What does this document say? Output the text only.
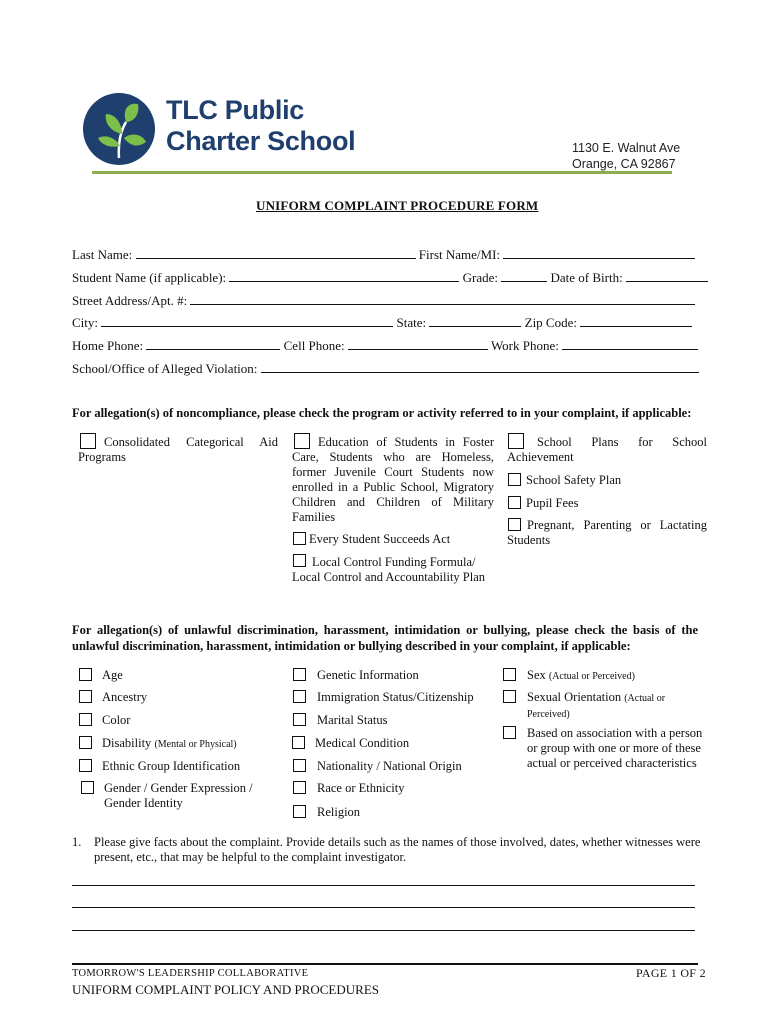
TLC Public
Charter School	1130 E. Walnut Ave
Orange, CA 92867
UNIFORM COMPLAINT PROCEDURE FORM
Last Name:	First Name/MI:
Student Name (if applicable):	Grade:	Date of Birth:
Street Address/Apt. #:
City:	State:	Zip Code:
Home Phone:	Cell Phone:	Work Phone:
School/Office of Alleged Violation:
For allegation(s) of noncompliance, please check the program or activity referred to in your complaint, if applicable:
Consolidated Categorical Aid Programs
Education of Students in Foster Care, Students who are Homeless, former Juvenile Court Students now enrolled in a Public School, Migratory Children and Children of Military Families
Every Student Succeeds Act
Local Control Funding Formula/ Local Control and Accountability Plan
School Plans for School Achievement
School Safety Plan
Pupil Fees
Pregnant, Parenting or Lactating Students
For allegation(s) of unlawful discrimination, harassment, intimidation or bullying, please check the basis of the unlawful discrimination, harassment, intimidation or bullying described in your complaint, if applicable:
Age
Ancestry
Color
Disability (Mental or Physical)
Ethnic Group Identification
Gender / Gender Expression / Gender Identity
Genetic Information
Immigration Status/Citizenship
Marital Status
Medical Condition
Nationality / National Origin
Race or Ethnicity
Religion
Sex (Actual or Perceived)
Sexual Orientation (Actual or Perceived)
Based on association with a person or group with one or more of these actual or perceived characteristics
1. Please give facts about the complaint. Provide details such as the names of those involved, dates, whether witnesses were present, etc., that may be helpful to the complaint investigator.
TOMORROW'S LEADERSHIP COLLABORATIVE	PAGE 1 OF 2
UNIFORM COMPLAINT POLICY AND PROCEDURES
